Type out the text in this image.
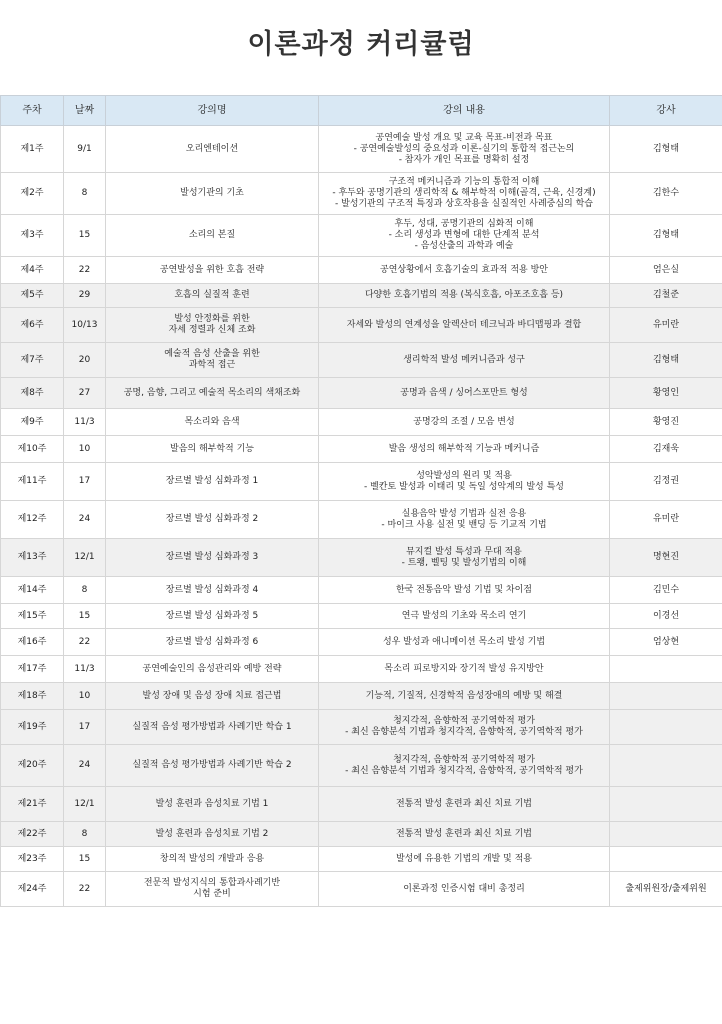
이론과정 커리큘럼
주차	날짜	강의명	강의 내용	강사
제1주	9/1	오리엔테이션	공연예술 발성 개요 및 교육 목표-비전과 목표
- 공연예술발성의 중요성과 이론-실기의 통합적 접근논의
- 참자가 개인 목표를 명확히 설정	김형태
제2주	8	발성기관의 기초	구조적 메커니즘과 기능의 통합적 이해
- 후두와 공명기관의 생리학적 & 해부학적 이해(골격, 근육, 신경계)
- 발성기관의 구조적 특징과 상호작용을 실질적인 사례중심의 학습	김한수
제3주	15	소리의 본질	후두, 성대, 공명기관의 심화적 이해
- 소리 생성과 변형에 대한 단계적 분석
- 음성산출의 과학과 예술	김형태
제4주	22	공연발성을 위한 호흡 전략	공연상황에서 호흡기술의 효과적 적용 방안	엄은실
제5주	29	호흡의 실질적 훈련	다양한 호흡기법의 적용 (복식호흡, 아포조호흡 등)	김철준
제6주	10/13	발성 안정화를 위한
자세 정렬과 신체 조화	자세와 발성의 연계성을 알렉산더 테크닉과 바디맵핑과 결합	유미란
제7주	20	예술적 음성 산출을 위한
과학적 접근	생리학적 발성 메커니즘과 성구	김형태
제8주	27	공명, 음향, 그리고 예술적 목소리의 색채조화	공명과 음색 / 싱어스포만트 형성	황영인
제9주	11/3	목소리와 음색	공명강의 조절 / 모음 변성	황영진
제10주	10	발음의 해부학적 기능	발음 생성의 해부학적 기능과 메커니즘	김재욱
제11주	17	장르별 발성 심화과정 1	성악발성의 원리 및 적용
- 벨칸토 발성과 이태리 및 독일 성악계의 발성 특성	김정권
제12주	24	장르별 발성 심화과정 2	실용음악 발성 기법과 실전 응용
- 마이크 사용 실전 및 밴딩 등 기교적 기법	유미란
제13주	12/1	장르별 발성 심화과정 3	뮤지컬 발성 특성과 무대 적용
- 트왱, 벨팅 및 발성기법의 이해	명현진
제14주	8	장르별 발성 심화과정 4	한국 전통음악 발성 기법 및 차이점	김민수
제15주	15	장르별 발성 심화과정 5	연극 발성의 기초와 목소리 연기	이경선
제16주	22	장르별 발성 심화과정 6	성우 발성과 애니메이션 목소리 발성 기법	엄상현
제17주	11/3	공연예술인의 음성관리와 예방 전략	목소리 피로방지와 장기적 발성 유지방안	
제18주	10	발성 장애 및 음성 장애 치료 접근법	기능적, 기질적, 신경학적 음성장애의 예방 및 해결	
제19주	17	실질적 음성 평가방법과 사례기반 학습 1	청지각적, 음향학적 공기역학적 평가
- 최신 음향분석 기법과 청지각적, 음향학적, 공기역학적 평가	
제20주	24	실질적 음성 평가방법과 사례기반 학습 2	청지각적, 음향학적 공기역학적 평가
- 최신 음향분석 기법과 청지각적, 음향학적, 공기역학적 평가	
제21주	12/1	발성 훈련과 음성치료 기법 1	전통적 발성 훈련과 최신 치료 기법	
제22주	8	발성 훈련과 음성치료 기법 2	전통적 발성 훈련과 최신 치료 기법	
제23주	15	창의적 발성의 개발과 응용	발성에 유용한 기법의 개발 및 적용	
제24주	22	전문적 발성지식의 통합과사례기반
시험 준비	이론과정 인증시험 대비 총정리	출제위원장/출제위원
